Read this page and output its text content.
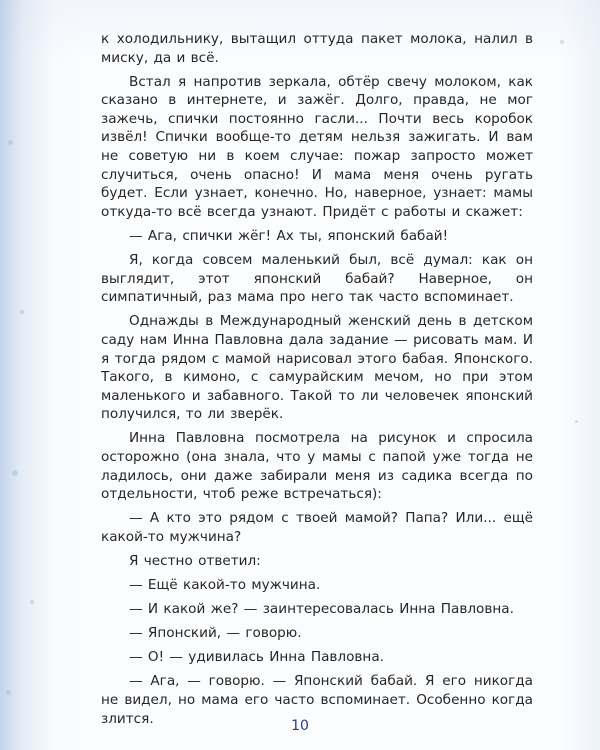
к холодильнику, вытащил оттуда пакет молока, налил в миску, да и всё.

Встал я напротив зеркала, обтёр свечу молоком, как сказано в интернете, и зажёг. Долго, правда, не мог зажечь, спички постоянно гасли... Почти весь коробок извёл! Спички вообще-то детям нельзя зажигать. И вам не советую ни в коем случае: пожар запросто может случиться, очень опасно! И мама меня очень ругать будет. Если узнает, конечно. Но, наверное, узнает: мамы откуда-то всё всегда узнают. Придёт с работы и скажет:

— Ага, спички жёг! Ах ты, японский бабай!

Я, когда совсем маленький был, всё думал: как он выглядит, этот японский бабай? Наверное, он симпатичный, раз мама про него так часто вспоминает.

Однажды в Международный женский день в детском саду нам Инна Павловна дала задание — рисовать мам. И я тогда рядом с мамой нарисовал этого бабая. Японского. Такого, в кимоно, с самурайским мечом, но при этом маленького и забавного. Такой то ли человечек японский получился, то ли зверёк.

Инна Павловна посмотрела на рисунок и спросила осторожно (она знала, что у мамы с папой уже тогда не ладилось, они даже забирали меня из садика всегда по отдельности, чтоб реже встречаться):

— А кто это рядом с твоей мамой? Папа? Или... ещё какой-то мужчина?

Я честно ответил:

— Ещё какой-то мужчина.

— И какой же? — заинтересовалась Инна Павловна.

— Японский, — говорю.

— О! — удивилась Инна Павловна.

— Ага, — говорю. — Японский бабай. Я его никогда не видел, но мама его часто вспоминает. Особенно когда злится.	10
